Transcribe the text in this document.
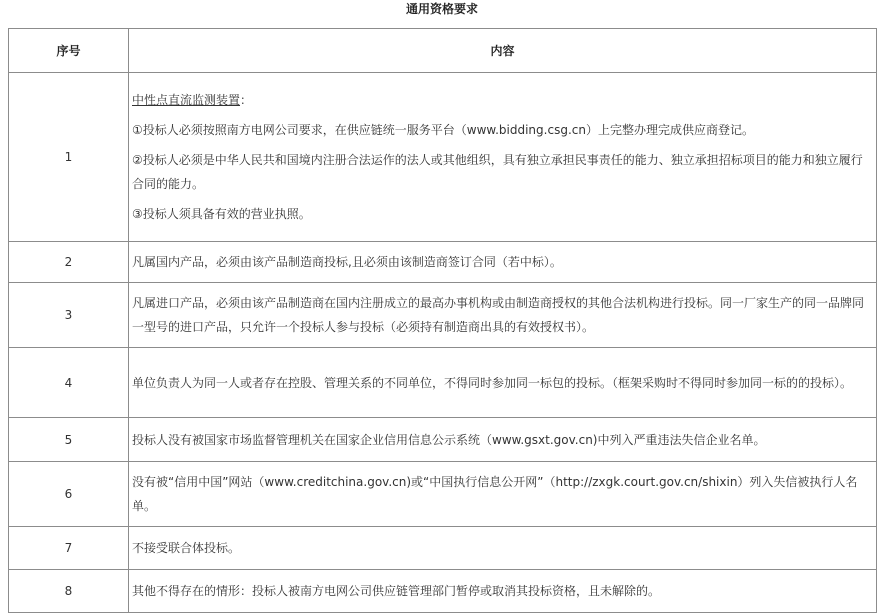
通用资格要求
序号	内容
1	中性点直流监测装置：

①投标人必须按照南方电网公司要求，在供应链统一服务平台（www.bidding.csg.cn）上完整办理完成供应商登记。

②投标人必须是中华人民共和国境内注册合法运作的法人或其他组织，具有独立承担民事责任的能力、独立承担招标项目的能力和独立履行合同的能力。

③投标人须具备有效的营业执照。

2	凡属国内产品，必须由该产品制造商投标,且必须由该制造商签订合同（若中标）。
3	凡属进口产品，必须由该产品制造商在国内注册成立的最高办事机构或由制造商授权的其他合法机构进行投标。同一厂家生产的同一品牌同一型号的进口产品，只允许一个投标人参与投标（必须持有制造商出具的有效授权书）。
4	单位负责人为同一人或者存在控股、管理关系的不同单位，不得同时参加同一标包的投标。（框架采购时不得同时参加同一标的的投标）。
5	投标人没有被国家市场监督管理机关在国家企业信用信息公示系统（www.gsxt.gov.cn)中列入严重违法失信企业名单。
6	没有被“信用中国”网站（www.creditchina.gov.cn)或“中国执行信息公开网”（http://zxgk.court.gov.cn/shixin）列入失信被执行人名单。
7	不接受联合体投标。
8	其他不得存在的情形：投标人被南方电网公司供应链管理部门暂停或取消其投标资格，且未解除的。
